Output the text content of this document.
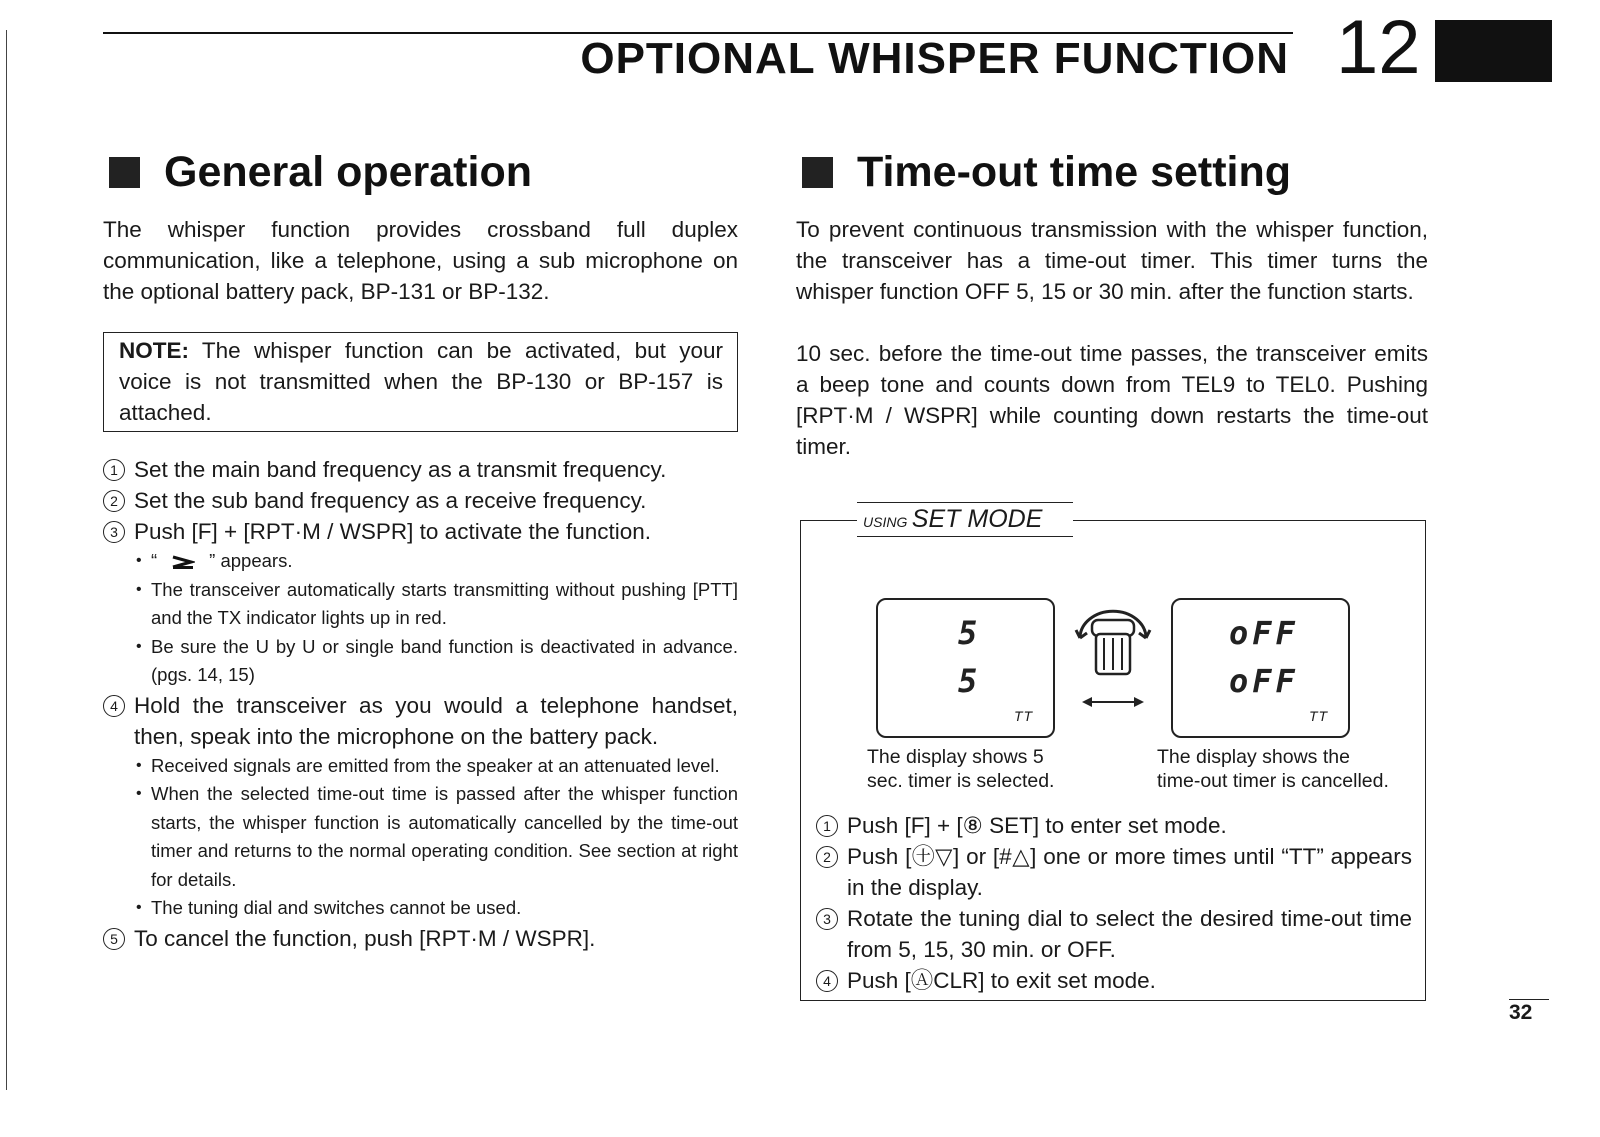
OPTIONAL WHISPER FUNCTION 12
General operation

The whisper function provides crossband full duplex communication, like a telephone, using a sub microphone on the optional battery pack, BP-131 or BP-132.

NOTE: The whisper function can be activated, but your voice is not transmitted when the BP-130 or BP-157 is attached.

1 Set the main band frequency as a transmit frequency.
2 Set the sub band frequency as a receive frequency.
3 Push [F] + [RPT·M / WSPR] to activate the function.
• “	” appears.
• The transceiver automatically starts transmitting without pushing [PTT] and the TX indicator lights up in red.
• Be sure the U by U or single band function is deactivated in advance. (pgs. 14, 15)
4 Hold the transceiver as you would a telephone handset, then, speak into the microphone on the battery pack.
• Received signals are emitted from the speaker at an attenuated level.
• When the selected time-out time is passed after the whisper function starts, the whisper function is automatically cancelled by the time-out timer and returns to the normal operating condition. See section at right for details.
• The tuning dial and switches cannot be used.
5 To cancel the function, push [RPT·M / WSPR].
Time-out time setting

To prevent continuous transmission with the whisper function, the transceiver has a time-out timer. This timer turns the whisper function OFF 5, 15 or 30 min. after the function starts.

10 sec. before the time-out time passes, the transceiver emits a beep tone and counts down from TEL9 to TEL0. Pushing [RPT·M / WSPR] while counting down restarts the time-out timer.

USING SET MODE
5
5
TT
oFF
oFF
TT
The display shows 5
sec. timer is selected.
The display shows the
time-out timer is cancelled.
1 Push [F] + [⑧ SET] to enter set mode.
2 Push [㊉▽] or [#△] one or more times until “TT” appears in the display.
3 Rotate the tuning dial to select the desired time-out time from 5, 15, 30 min. or OFF.
4 Push [ⒶCLR] to exit set mode.
32
